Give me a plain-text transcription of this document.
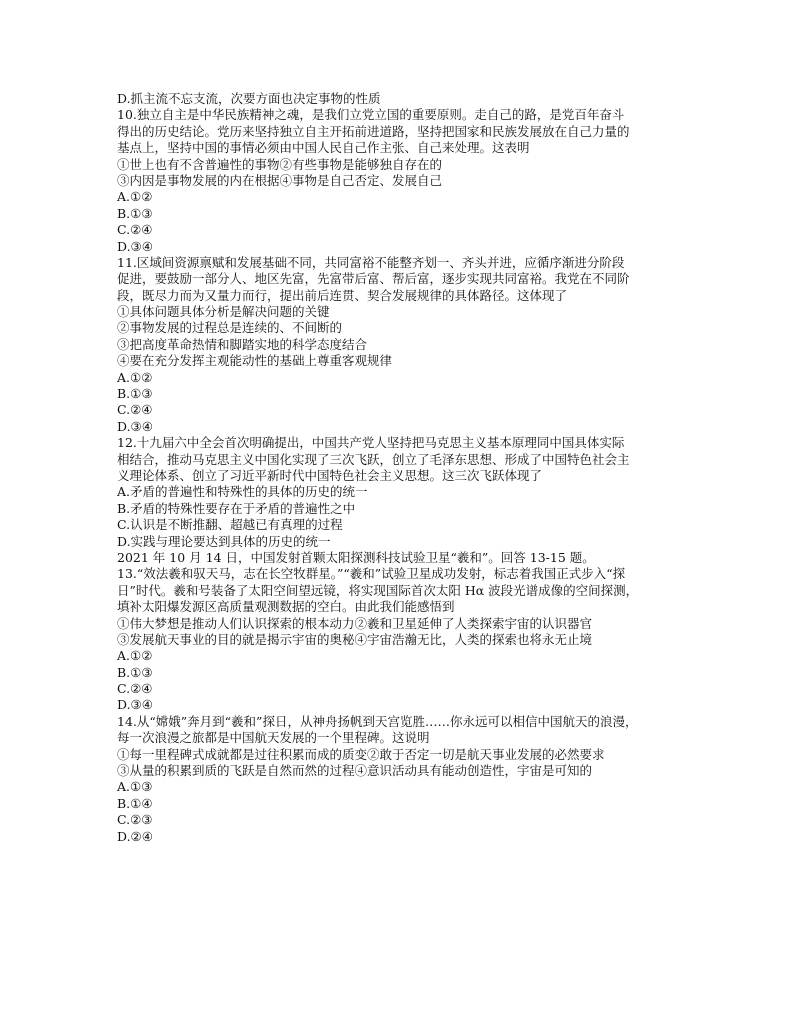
D.抓主流不忘支流，次要方面也决定事物的性质
10.独立自主是中华民族精神之魂，是我们立党立国的重要原则。走自己的路，是党百年奋斗
得出的历史结论。党历来坚持独立自主开拓前进道路，坚持把国家和民族发展放在自己力量的
基点上，坚持中国的事情必须由中国人民自己作主张、自己来处理。这表明
①世上也有不含普遍性的事物②有些事物是能够独自存在的
③内因是事物发展的内在根据④事物是自己否定、发展自己
A.①②
B.①③
C.②④
D.③④
11.区域间资源禀赋和发展基础不同，共同富裕不能整齐划一、齐头并进，应循序渐进分阶段
促进，要鼓励一部分人、地区先富，先富带后富、帮后富，逐步实现共同富裕。我党在不同阶
段，既尽力而为又量力而行，提出前后连贯、契合发展规律的具体路径。这体现了
①具体问题具体分析是解决问题的关键
②事物发展的过程总是连续的、不间断的
③把高度革命热情和脚踏实地的科学态度结合
④要在充分发挥主观能动性的基础上尊重客观规律
A.①②
B.①③
C.②④
D.③④
12.十九届六中全会首次明确提出，中国共产党人坚持把马克思主义基本原理同中国具体实际
相结合，推动马克思主义中国化实现了三次飞跃，创立了毛泽东思想、形成了中国特色社会主
义理论体系、创立了习近平新时代中国特色社会主义思想。这三次飞跃体现了
A.矛盾的普遍性和特殊性的具体的历史的统一
B.矛盾的特殊性要存在于矛盾的普遍性之中
C.认识是不断推翻、超越已有真理的过程
D.实践与理论要达到具体的历史的统一
2021 年 10 月 14 日，中国发射首颗太阳探测科技试验卫星“羲和”。回答 13-15 题。
13.“效法羲和驭天马，志在长空牧群星。”“羲和”试验卫星成功发射，标志着我国正式步入“探
日”时代。羲和号装备了太阳空间望远镜，将实现国际首次太阳 Hα 波段光谱成像的空间探测，
填补太阳爆发源区高质量观测数据的空白。由此我们能感悟到
①伟大梦想是推动人们认识探索的根本动力②羲和卫星延伸了人类探索宇宙的认识器官
③发展航天事业的目的就是揭示宇宙的奥秘④宇宙浩瀚无比，人类的探索也将永无止境
A.①②
B.①③
C.②④
D.③④
14.从“嫦娥”奔月到“羲和”探日，从神舟扬帆到天宫览胜……你永远可以相信中国航天的浪漫，
每一次浪漫之旅都是中国航天发展的一个里程碑。这说明
①每一里程碑式成就都是过往积累而成的质变②敢于否定一切是航天事业发展的必然要求
③从量的积累到质的飞跃是自然而然的过程④意识活动具有能动创造性，宇宙是可知的
A.①③
B.①④
C.②③
D.②④
